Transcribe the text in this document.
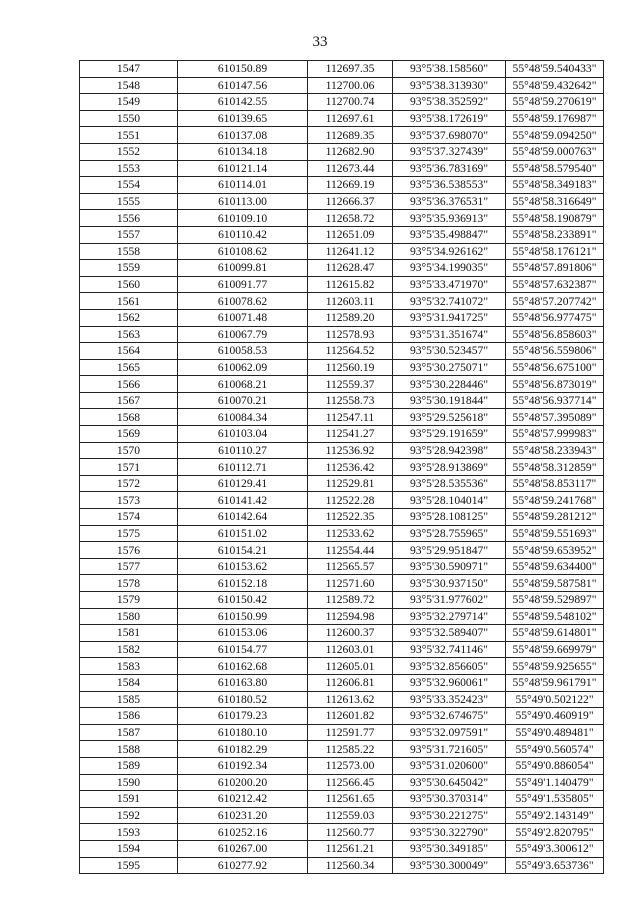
33
1547	610150.89	112697.35	93°5'38.158560"	55°48'59.540433"
1548	610147.56	112700.06	93°5'38.313930"	55°48'59.432642"
1549	610142.55	112700.74	93°5'38.352592"	55°48'59.270619"
1550	610139.65	112697.61	93°5'38.172619"	55°48'59.176987"
1551	610137.08	112689.35	93°5'37.698070"	55°48'59.094250"
1552	610134.18	112682.90	93°5'37.327439"	55°48'59.000763"
1553	610121.14	112673.44	93°5'36.783169"	55°48'58.579540"
1554	610114.01	112669.19	93°5'36.538553"	55°48'58.349183"
1555	610113.00	112666.37	93°5'36.376531"	55°48'58.316649"
1556	610109.10	112658.72	93°5'35.936913"	55°48'58.190879"
1557	610110.42	112651.09	93°5'35.498847"	55°48'58.233891"
1558	610108.62	112641.12	93°5'34.926162"	55°48'58.176121"
1559	610099.81	112628.47	93°5'34.199035"	55°48'57.891806"
1560	610091.77	112615.82	93°5'33.471970"	55°48'57.632387"
1561	610078.62	112603.11	93°5'32.741072"	55°48'57.207742"
1562	610071.48	112589.20	93°5'31.941725"	55°48'56.977475"
1563	610067.79	112578.93	93°5'31.351674"	55°48'56.858603"
1564	610058.53	112564.52	93°5'30.523457"	55°48'56.559806"
1565	610062.09	112560.19	93°5'30.275071"	55°48'56.675100"
1566	610068.21	112559.37	93°5'30.228446"	55°48'56.873019"
1567	610070.21	112558.73	93°5'30.191844"	55°48'56.937714"
1568	610084.34	112547.11	93°5'29.525618"	55°48'57.395089"
1569	610103.04	112541.27	93°5'29.191659"	55°48'57.999983"
1570	610110.27	112536.92	93°5'28.942398"	55°48'58.233943"
1571	610112.71	112536.42	93°5'28.913869"	55°48'58.312859"
1572	610129.41	112529.81	93°5'28.535536"	55°48'58.853117"
1573	610141.42	112522.28	93°5'28.104014"	55°48'59.241768"
1574	610142.64	112522.35	93°5'28.108125"	55°48'59.281212"
1575	610151.02	112533.62	93°5'28.755965"	55°48'59.551693"
1576	610154.21	112554.44	93°5'29.951847"	55°48'59.653952"
1577	610153.62	112565.57	93°5'30.590971"	55°48'59.634400"
1578	610152.18	112571.60	93°5'30.937150"	55°48'59.587581"
1579	610150.42	112589.72	93°5'31.977602"	55°48'59.529897"
1580	610150.99	112594.98	93°5'32.279714"	55°48'59.548102"
1581	610153.06	112600.37	93°5'32.589407"	55°48'59.614801"
1582	610154.77	112603.01	93°5'32.741146"	55°48'59.669979"
1583	610162.68	112605.01	93°5'32.856605"	55°48'59.925655"
1584	610163.80	112606.81	93°5'32.960061"	55°48'59.961791"
1585	610180.52	112613.62	93°5'33.352423"	55°49'0.502122"
1586	610179.23	112601.82	93°5'32.674675"	55°49'0.460919"
1587	610180.10	112591.77	93°5'32.097591"	55°49'0.489481"
1588	610182.29	112585.22	93°5'31.721605"	55°49'0.560574"
1589	610192.34	112573.00	93°5'31.020600"	55°49'0.886054"
1590	610200.20	112566.45	93°5'30.645042"	55°49'1.140479"
1591	610212.42	112561.65	93°5'30.370314"	55°49'1.535805"
1592	610231.20	112559.03	93°5'30.221275"	55°49'2.143149"
1593	610252.16	112560.77	93°5'30.322790"	55°49'2.820795"
1594	610267.00	112561.21	93°5'30.349185"	55°49'3.300612"
1595	610277.92	112560.34	93°5'30.300049"	55°49'3.653736"
